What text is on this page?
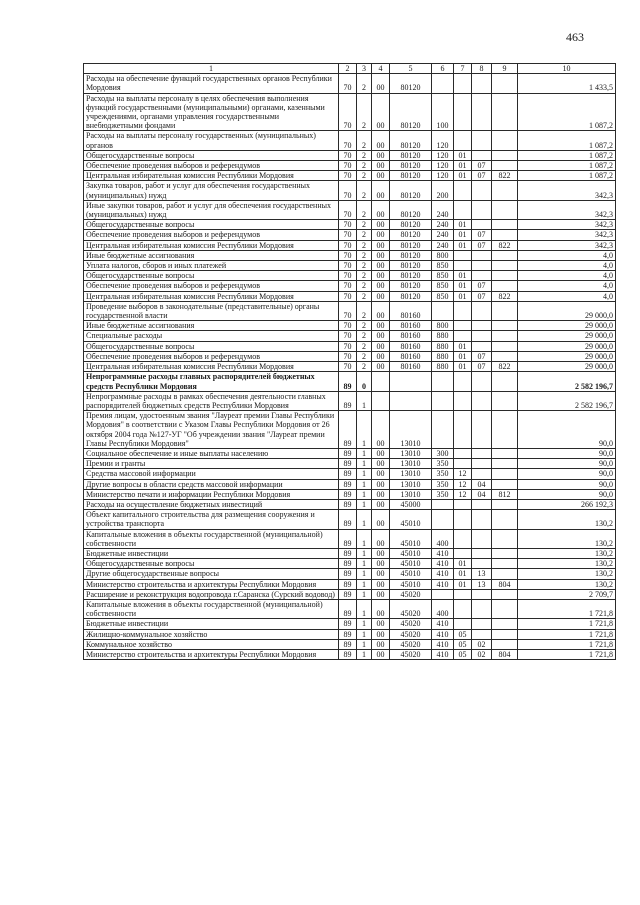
463
1	2	3	4	5	6	7	8	9	10
Расходы на обеспечение функций государственных органов Республики Мордовия	70	2	00	80120					1 433,5
Расходы на выплаты персоналу в целях обеспечения выполнения функций государственными (муниципальными) органами, казенными учреждениями, органами управления государственными внебюджетными фондами	70	2	00	80120	100				1 087,2
Расходы на выплаты персоналу государственных (муниципальных) органов	70	2	00	80120	120				1 087,2
Общегосударственные вопросы	70	2	00	80120	120	01			1 087,2
Обеспечение проведения выборов и референдумов	70	2	00	80120	120	01	07		1 087,2
Центральная избирательная комиссия Республики Мордовия	70	2	00	80120	120	01	07	822	1 087,2
Закупка товаров, работ и услуг для обеспечения государственных (муниципальных) нужд	70	2	00	80120	200				342,3
Иные закупки товаров, работ и услуг для обеспечения государственных (муниципальных) нужд	70	2	00	80120	240				342,3
Общегосударственные вопросы	70	2	00	80120	240	01			342,3
Обеспечение проведения выборов и референдумов	70	2	00	80120	240	01	07		342,3
Центральная избирательная комиссия Республики Мордовия	70	2	00	80120	240	01	07	822	342,3
Иные бюджетные ассигнования	70	2	00	80120	800				4,0
Уплата налогов, сборов и иных платежей	70	2	00	80120	850				4,0
Общегосударственные вопросы	70	2	00	80120	850	01			4,0
Обеспечение проведения выборов и референдумов	70	2	00	80120	850	01	07		4,0
Центральная избирательная комиссия Республики Мордовия	70	2	00	80120	850	01	07	822	4,0
Проведение выборов в законодательные (представительные) органы государственной власти	70	2	00	80160					29 000,0
Иные бюджетные ассигнования	70	2	00	80160	800				29 000,0
Специальные расходы	70	2	00	80160	880				29 000,0
Общегосударственные вопросы	70	2	00	80160	880	01			29 000,0
Обеспечение проведения выборов и референдумов	70	2	00	80160	880	01	07		29 000,0
Центральная избирательная комиссия Республики Мордовия	70	2	00	80160	880	01	07	822	29 000,0
Непрограммные расходы главных распорядителей бюджетных средств Республики Мордовия	89	0							2 582 196,7
Непрограммные расходы в рамках обеспечения деятельности главных распорядителей бюджетных средств Республики Мордовия	89	1							2 582 196,7
Премия лицам, удостоенным звания "Лауреат премии Главы Республики Мордовия" в соответствии с Указом Главы Республики Мордовия от 26 октября 2004 года №127-УГ "Об учреждении звания "Лауреат премии Главы Республики Мордовия"	89	1	00	13010					90,0
Социальное обеспечение и иные выплаты населению	89	1	00	13010	300				90,0
Премии и гранты	89	1	00	13010	350				90,0
Средства массовой информации	89	1	00	13010	350	12			90,0
Другие вопросы в области средств массовой информации	89	1	00	13010	350	12	04		90,0
Министерство печати и информации Республики Мордовия	89	1	00	13010	350	12	04	812	90,0
Расходы на осуществление бюджетных инвестиций	89	1	00	45000					266 192,3
Объект капитального строительства для размещения сооружения и устройства транспорта	89	1	00	45010					130,2
Капитальные вложения в объекты государственной (муниципальной) собственности	89	1	00	45010	400				130,2
Бюджетные инвестиции	89	1	00	45010	410				130,2
Общегосударственные вопросы	89	1	00	45010	410	01			130,2
Другие общегосударственные вопросы	89	1	00	45010	410	01	13		130,2
Министерство строительства и архитектуры Республики Мордовия	89	1	00	45010	410	01	13	804	130,2
Расширение и реконструкция водопровода г.Саранска (Сурский водовод)	89	1	00	45020					2 709,7
Капитальные вложения в объекты государственной (муниципальной) собственности	89	1	00	45020	400				1 721,8
Бюджетные инвестиции	89	1	00	45020	410				1 721,8
Жилищно-коммунальное хозяйство	89	1	00	45020	410	05			1 721,8
Коммунальное хозяйство	89	1	00	45020	410	05	02		1 721,8
Министерство строительства и архитектуры Республики Мордовия	89	1	00	45020	410	05	02	804	1 721,8
